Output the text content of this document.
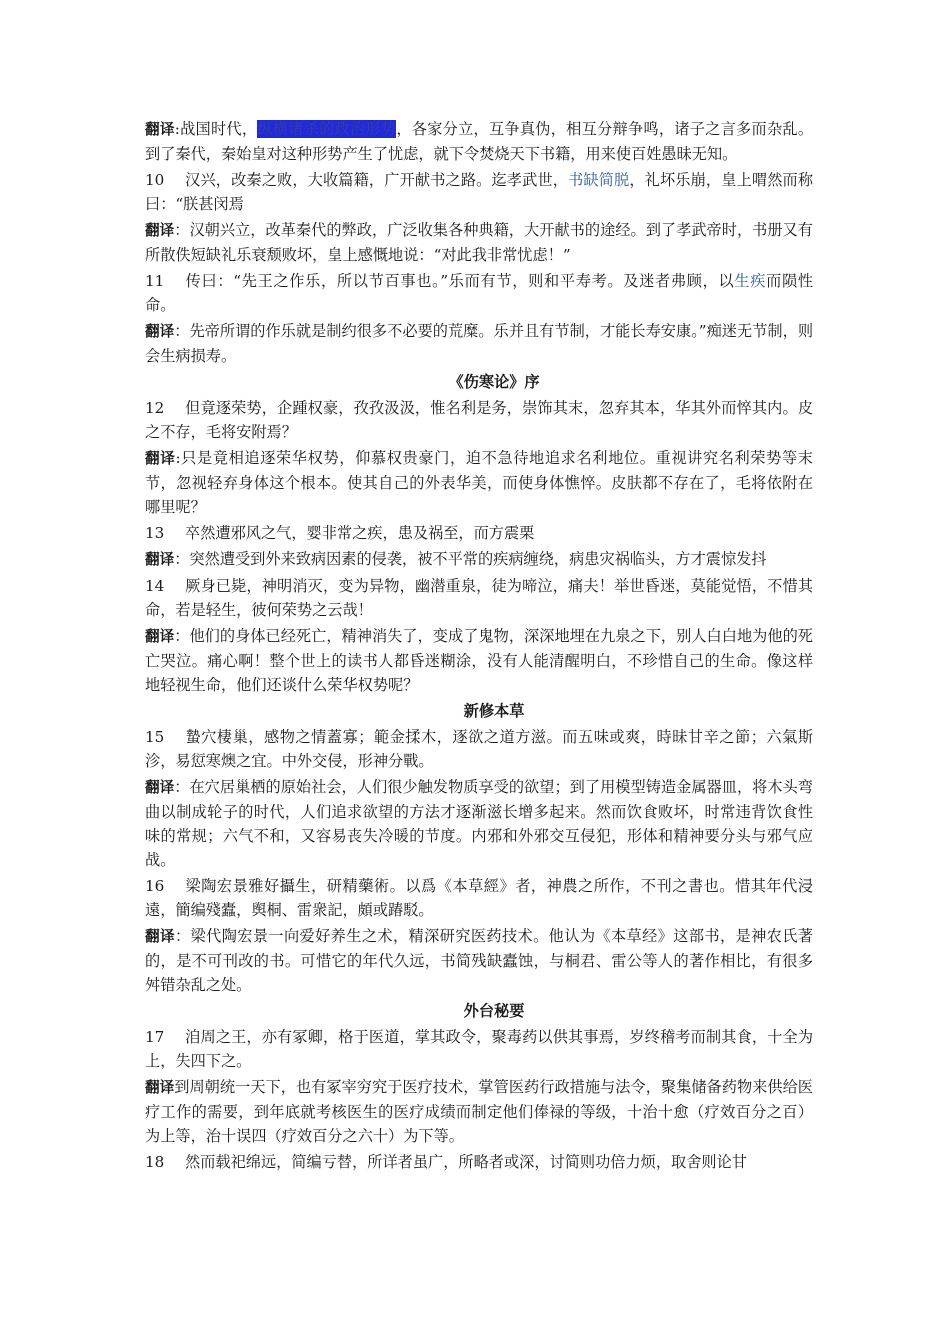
翻译:战国时代，纵横诸杀的政治形势，各家分立，互争真伪，相互分辩争鸣，诸子之言多而杂乱。到了秦代，秦始皇对这种形势产生了忧虑，就下令焚烧天下书籍，用来使百姓愚昧无知。

10 汉兴，改秦之败，大收篇籍，广开献书之路。迄孝武世，书缺简脱，礼坏乐崩，皇上喟然而称曰：“朕甚闵焉

翻译：汉朝兴立，改革秦代的弊政，广泛收集各种典籍，大开献书的途经。到了孝武帝时，书册又有所散佚短缺礼乐衰颓败坏，皇上感慨地说：“对此我非常忧虑！”

11 传曰：“先王之作乐，所以节百事也。”乐而有节，则和平寿考。及迷者弗顾，以生疾而陨性命。

翻译：先帝所谓的作乐就是制约很多不必要的荒糜。乐并且有节制，才能长寿安康。”痴迷无节制，则会生病损寿。

《伤寒论》序

12 但竟逐荣势，企踵权豪，孜孜汲汲，惟名利是务，崇饰其末，忽弃其本，华其外而悴其内。皮之不存，毛将安附焉？

翻译:只是竟相追逐荣华权势，仰慕权贵豪门，迫不急待地追求名利地位。重视讲究名利荣势等末节，忽视轻弃身体这个根本。使其自己的外表华美，而使身体憔悴。皮肤都不存在了，毛将依附在哪里呢？

13 卒然遭邪风之气，婴非常之疾，患及祸至，而方震栗

翻译：突然遭受到外来致病因素的侵袭，被不平常的疾病缠绕，病患灾祸临头，方才震惊发抖

14 厥身已毙，神明消灭，变为异物，幽潜重泉，徒为啼泣，痛夫！举世昏迷，莫能觉悟，不惜其命，若是轻生，彼何荣势之云哉！

翻译：他们的身体已经死亡，精神消失了，变成了鬼物，深深地埋在九泉之下，别人白白地为他的死亡哭泣。痛心啊！整个世上的读书人都昏迷糊涂，没有人能清醒明白，不珍惜自己的生命。像这样地轻视生命，他们还谈什么荣华权势呢？

新修本草

15 蟄穴棲巢，感物之情蓋寡；範金揉木，逐欲之道方滋。而五味或爽，時昧甘辛之節；六氣斯沴，易愆寒燠之宜。中外交侵，形神分戰。

翻译：在穴居巢栖的原始社会，人们很少触发物质享受的欲望；到了用模型铸造金属器皿，将木头弯曲以制成轮子的时代，人们追求欲望的方法才逐渐滋长增多起来。然而饮食败坏，时常违背饮食性味的常规；六气不和，又容易丧失冷暖的节度。内邪和外邪交互侵犯，形体和精神要分头与邪气应战。

16 梁陶宏景雅好攝生，研精藥術。以爲《本草經》者，神農之所作，不刊之書也。惜其年代浸遠，簡编殘蠹，舆桐、雷衆記，頗或踳駁。

翻译：梁代陶宏景一向爱好养生之术，精深研究医药技术。他认为《本草经》这部书，是神农氏著的，是不可刊改的书。可惜它的年代久远，书简残缺蠹蚀，与桐君、雷公等人的著作相比，有很多舛错杂乱之处。

外台秘要

17 洎周之王，亦有冢卿，格于医道，掌其政令，聚毒药以供其事焉，岁终稽考而制其食，十全为上，失四下之。

翻译到周朝统一天下，也有冢宰穷究于医疗技术，掌管医药行政措施与法令，聚集储备药物来供给医疗工作的需要，到年底就考核医生的医疗成绩而制定他们俸禄的等级，十治十愈（疗效百分之百）为上等，治十误四（疗效百分之六十）为下等。

18 然而载祀绵远，简编亏替，所详者虽广，所略者或深，讨简则功倍力烦，取舍则论甘
